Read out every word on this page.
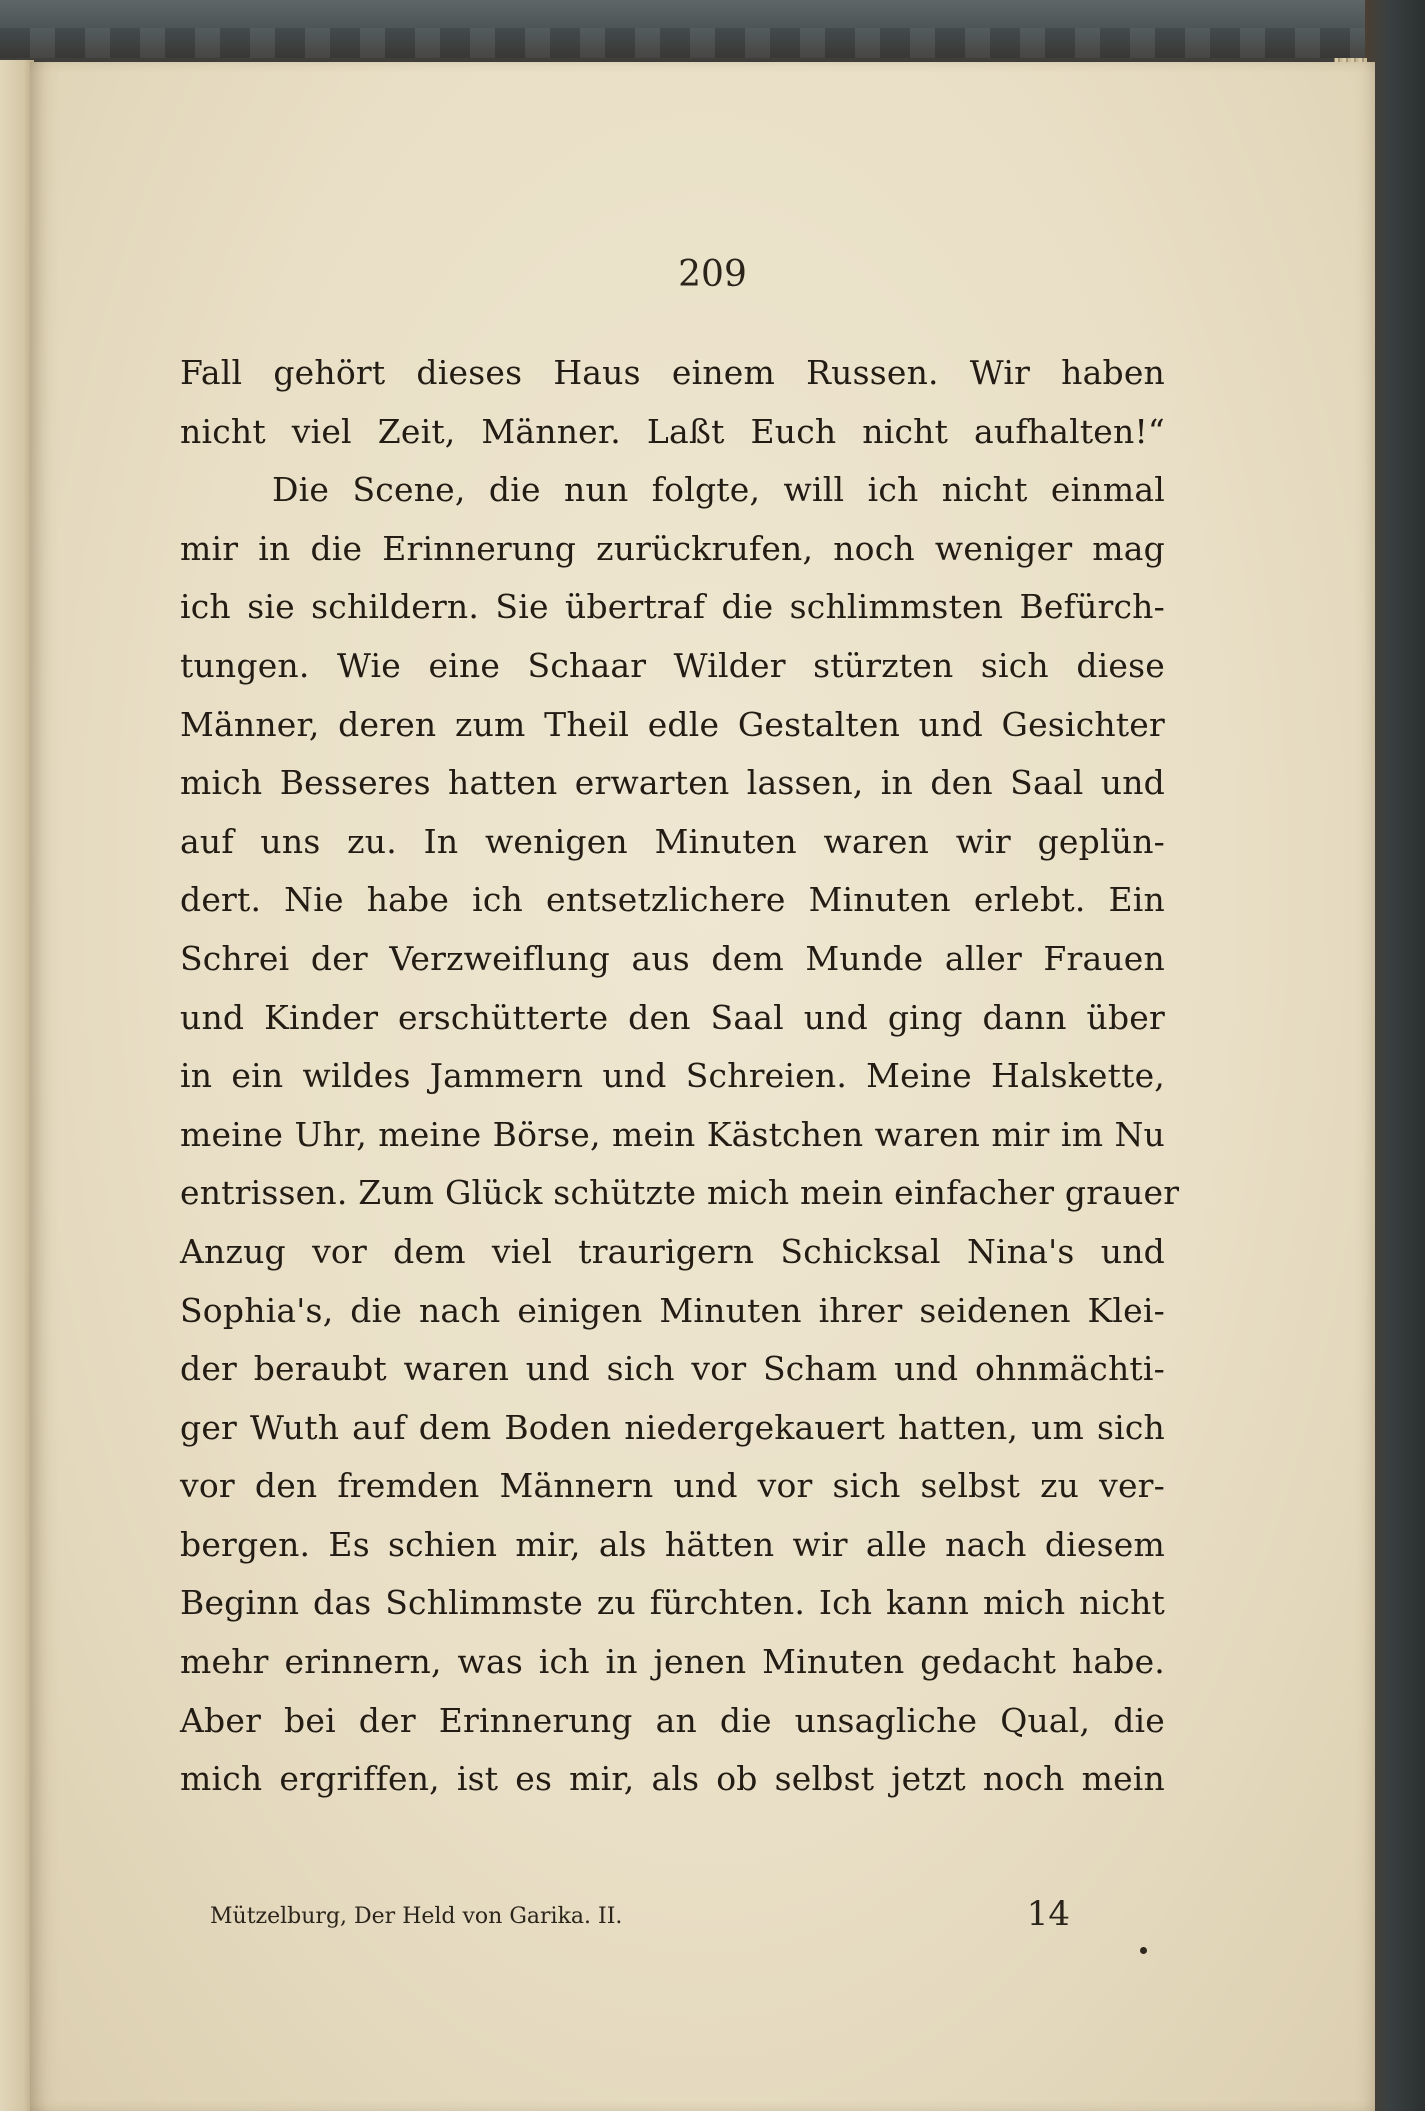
209

Fall gehört dieses Haus einem Russen. Wir haben
nicht viel Zeit, Männer. Laßt Euch nicht aufhalten!“
Die Scene, die nun folgte, will ich nicht einmal
mir in die Erinnerung zurückrufen, noch weniger mag
ich sie schildern. Sie übertraf die schlimmsten Befürch-
tungen. Wie eine Schaar Wilder stürzten sich diese
Männer, deren zum Theil edle Gestalten und Gesichter
mich Besseres hatten erwarten lassen, in den Saal und
auf uns zu. In wenigen Minuten waren wir geplün-
dert. Nie habe ich entsetzlichere Minuten erlebt. Ein
Schrei der Verzweiflung aus dem Munde aller Frauen
und Kinder erschütterte den Saal und ging dann über
in ein wildes Jammern und Schreien. Meine Halskette,
meine Uhr, meine Börse, mein Kästchen waren mir im Nu
entrissen. Zum Glück schützte mich mein einfacher grauer
Anzug vor dem viel traurigern Schicksal Nina's und
Sophia's, die nach einigen Minuten ihrer seidenen Klei-
der beraubt waren und sich vor Scham und ohnmächti-
ger Wuth auf dem Boden niedergekauert hatten, um sich
vor den fremden Männern und vor sich selbst zu ver-
bergen. Es schien mir, als hätten wir alle nach diesem
Beginn das Schlimmste zu fürchten. Ich kann mich nicht
mehr erinnern, was ich in jenen Minuten gedacht habe.
Aber bei der Erinnerung an die unsagliche Qual, die
mich ergriffen, ist es mir, als ob selbst jetzt noch mein
Mützelburg, Der Held von Garika. II.	14
